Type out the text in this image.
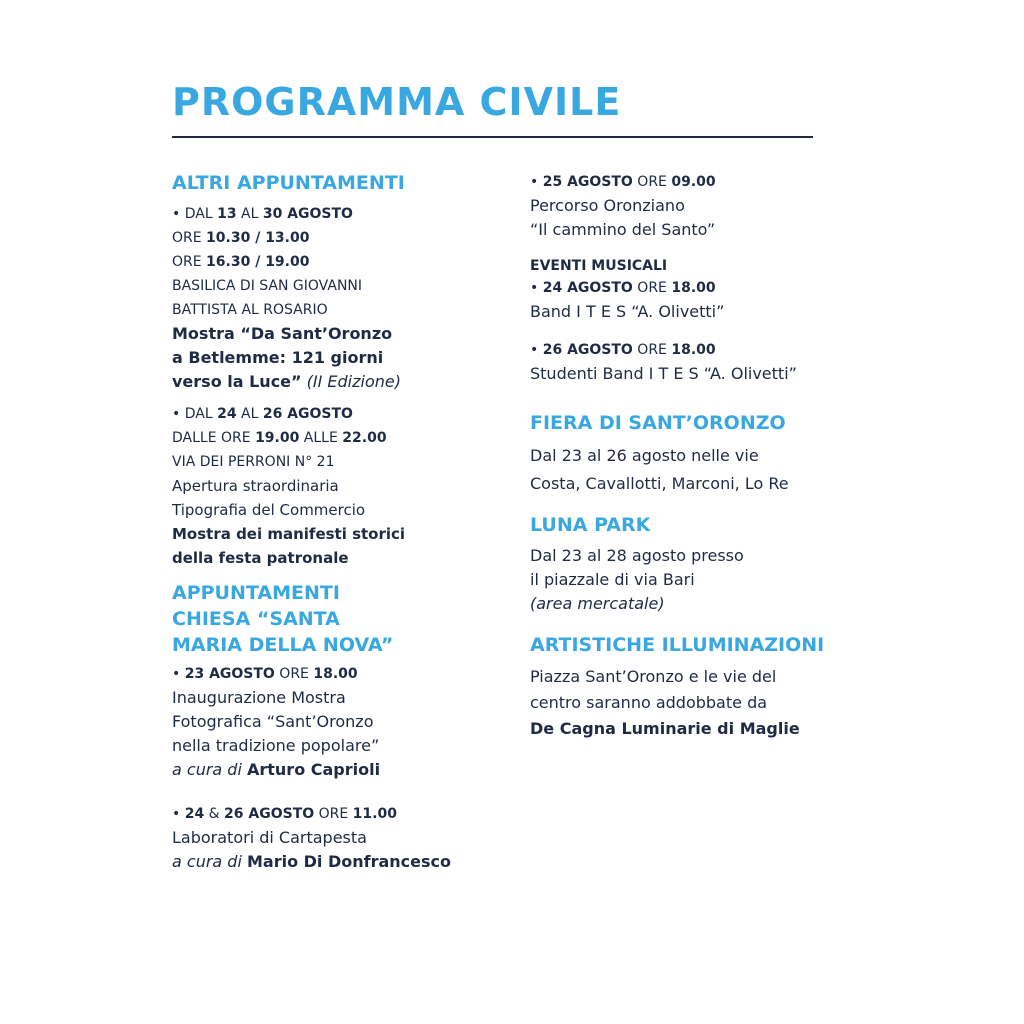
PROGRAMMA CIVILE
ALTRI APPUNTAMENTI
• DAL 13 AL 30 AGOSTO
ORE 10.30 / 13.00
ORE 16.30 / 19.00
BASILICA DI SAN GIOVANNI
BATTISTA AL ROSARIO
Mostra “Da Sant’Oronzo
a Betlemme: 121 giorni
verso la Luce” (II Edizione)
• DAL 24 AL 26 AGOSTO
DALLE ORE 19.00 ALLE 22.00
VIA DEI PERRONI N° 21
Apertura straordinaria
Tipografia del Commercio
Mostra dei manifesti storici
della festa patronale
APPUNTAMENTI
CHIESA “SANTA
MARIA DELLA NOVA”
• 23 AGOSTO ORE 18.00
Inaugurazione Mostra
Fotografica “Sant’Oronzo
nella tradizione popolare”
a cura di Arturo Caprioli
• 24 & 26 AGOSTO ORE 11.00
Laboratori di Cartapesta
a cura di Mario Di Donfrancesco
• 25 AGOSTO ORE 09.00
Percorso Oronziano
“Il cammino del Santo”
EVENTI MUSICALI
• 24 AGOSTO ORE 18.00
Band I T E S “A. Olivetti”
• 26 AGOSTO ORE 18.00
Studenti Band I T E S “A. Olivetti”
FIERA DI SANT’ORONZO
Dal 23 al 26 agosto nelle vie
Costa, Cavallotti, Marconi, Lo Re
LUNA PARK
Dal 23 al 28 agosto presso
il piazzale di via Bari
(area mercatale)
ARTISTICHE ILLUMINAZIONI
Piazza Sant’Oronzo e le vie del
centro saranno addobbate da
De Cagna Luminarie di Maglie
